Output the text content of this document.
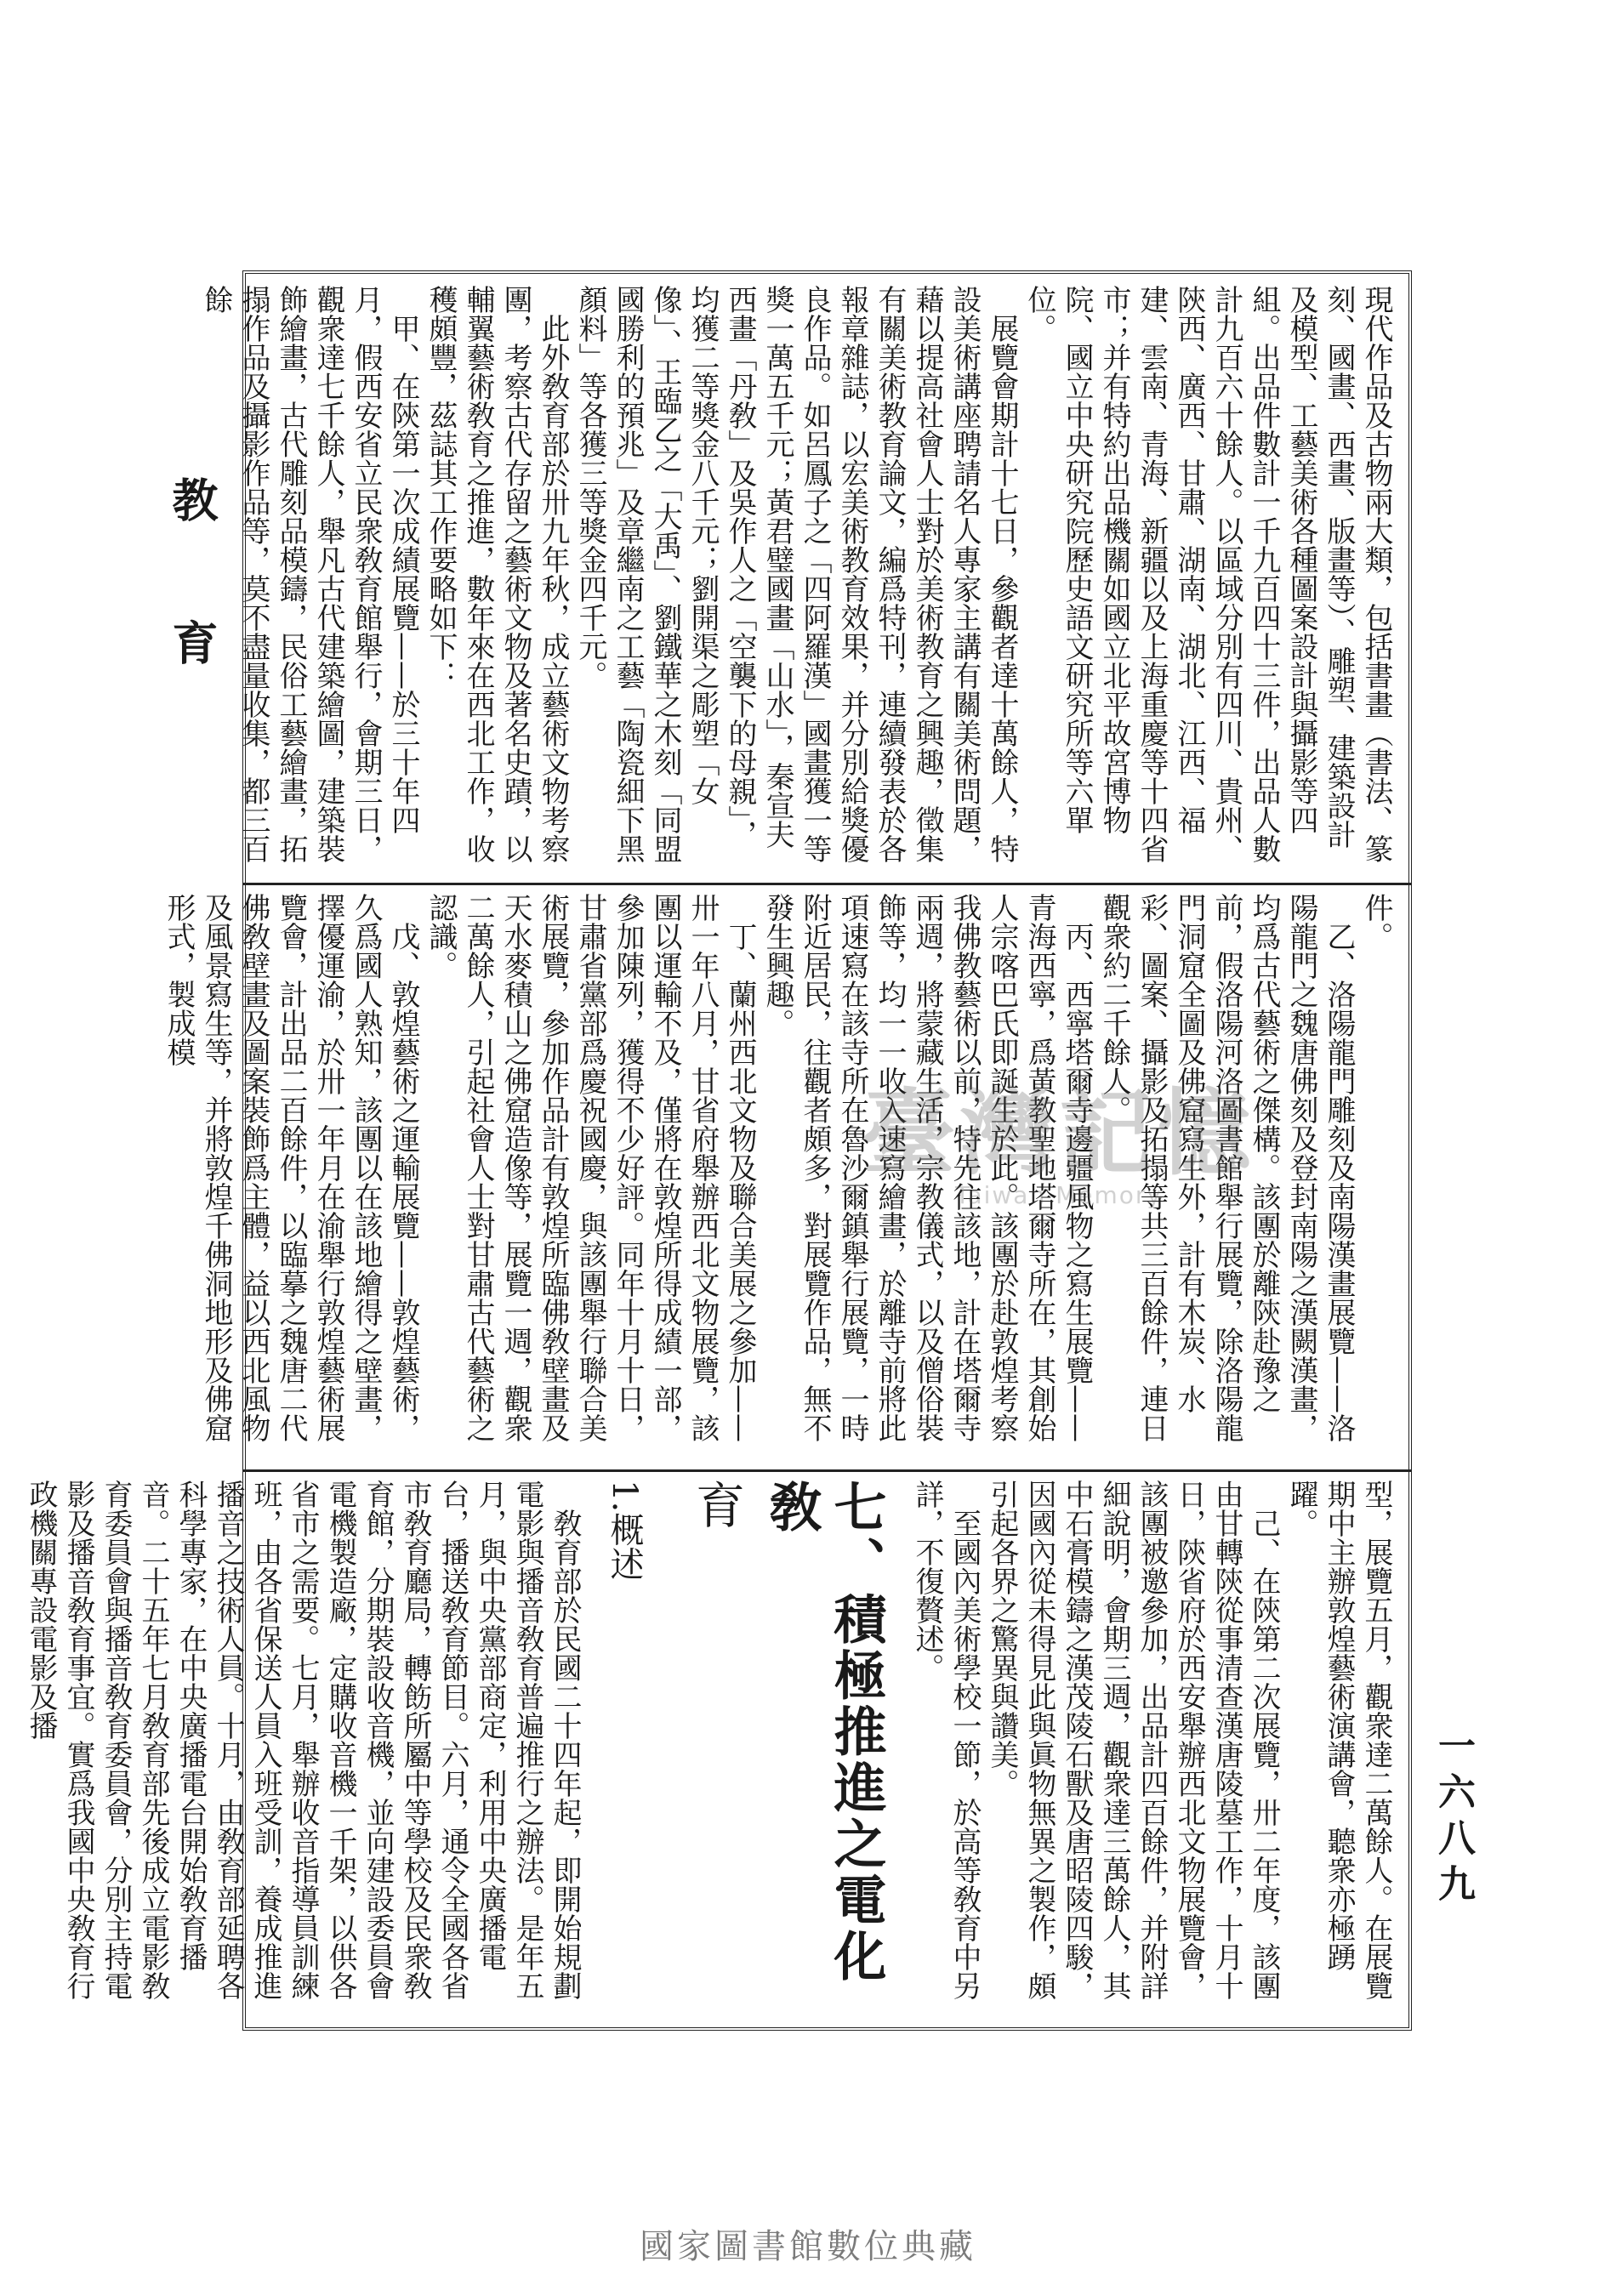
教　育
一六八九

現代作品及古物兩大類，包括書畫（書法、篆刻、國畫、西畫、版畫等）、雕塑、建築設計及模型、工藝美術各種圖案設計與攝影等四組。出品件數計一千九百四十三件，出品人數計九百六十餘人。以區域分別有四川、貴州、陝西、廣西、甘肅、湖南、湖北、江西、福建、雲南、青海、新疆以及上海重慶等十四省市；并有特約出品機關如國立北平故宮博物院、國立中央研究院歷史語文研究所等六單位。

展覽會期計十七日，參觀者達十萬餘人，特設美術講座聘請名人專家主講有關美術問題，藉以提高社會人士對於美術教育之興趣，徵集有關美術教育論文，編爲特刊，連續發表於各報章雜誌，以宏美術教育效果，并分別給獎優良作品。如呂鳳子之「四阿羅漢」國畫獲一等獎一萬五千元；黃君璧國畫「山水」，秦宣夫西畫「丹敎」及吳作人之「空襲下的母親」，均獲二等獎金八千元；劉開渠之彫塑「女像」、王臨乙之「大禹」、劉鐵華之木刻「同盟國勝利的預兆」及章繼南之工藝「陶瓷細下黑顏料」等各獲三等獎金四千元。

此外敎育部於卅九年秋，成立藝術文物考察團，考察古代存留之藝術文物及著名史蹟，以輔翼藝術敎育之推進，數年來在西北工作，收穫頗豐，茲誌其工作要略如下：

甲、在陝第一次成績展覽——於三十年四月，假西安省立民衆敎育館舉行，會期三日，觀衆達七千餘人，舉凡古代建築繪圖，建築裝飾繪畫，古代雕刻品模鑄，民俗工藝繪畫，拓搨作品及攝影作品等，莫不盡量收集，都三百餘

件。

乙、洛陽龍門雕刻及南陽漢畫展覽——洛陽龍門之魏唐佛刻及登封南陽之漢闕漢畫，均爲古代藝術之傑構。該團於離陝赴豫之前，假洛陽河洛圖書館舉行展覽，除洛陽龍門洞窟全圖及佛窟寫生外，計有木炭、水彩、圖案、攝影及拓搨等共三百餘件，連日觀衆約二千餘人。

丙、西寧塔爾寺邊疆風物之寫生展覽——青海西寧，爲黃教聖地塔爾寺所在，其創始人宗喀巴氏即誕生於此。該團於赴敦煌考察我佛教藝術以前，特先往該地，計在塔爾寺兩週，將蒙藏生活，宗教儀式，以及僧俗裝飾等，均一一收入速寫繪畫，於離寺前將此項速寫在該寺所在魯沙爾鎮舉行展覽，一時附近居民，往觀者頗多，對展覽作品，無不發生興趣。

丁、蘭州西北文物及聯合美展之參加——卅一年八月，甘省府舉辦西北文物展覽，該團以運輸不及，僅將在敦煌所得成績一部，參加陳列，獲得不少好評。同年十月十日，甘肅省黨部爲慶祝國慶，與該團舉行聯合美術展覽，參加作品計有敦煌所臨佛敎壁畫及天水麥積山之佛窟造像等，展覽一週，觀衆二萬餘人，引起社會人士對甘肅古代藝術之認識。

戊、敦煌藝術之運輸展覽——敦煌藝術，久爲國人熟知，該團以在該地繪得之壁畫，擇優運渝，於卅一年月在渝舉行敦煌藝術展覽會，計出品二百餘件，以臨摹之魏唐二代佛敎壁畫及圖案裝飾爲主體，益以西北風物及風景寫生等，并將敦煌千佛洞地形及佛窟形式，製成模

型，展覽五月，觀衆達二萬餘人。在展覽期中主辦敦煌藝術演講會，聽衆亦極踴躍。

己、在陝第二次展覽，卅二年度，該團由甘轉陝從事清查漢唐陵墓工作，十月十日，陝省府於西安舉辦西北文物展覽會，該團被邀參加，出品計四百餘件，并附詳細說明，會期三週，觀衆達三萬餘人，其中石膏模鑄之漢茂陵石獸及唐昭陵四駿，因國內從未得見此與眞物無異之製作，頗引起各界之驚異與讚美。

至國內美術學校一節，於高等敎育中另詳，不復贅述。

七、積極推進之電化敎
育
1.概述

敎育部於民國二十四年起，即開始規劃電影與播音敎育普遍推行之辦法。是年五月，與中央黨部商定，利用中央廣播電台，播送敎育節目。六月，通令全國各省市敎育廳局，轉飭所屬中等學校及民衆敎育館，分期裝設收音機，並向建設委員會電機製造廠，定購收音機一千架，以供各省市之需要。七月，舉辦收音指導員訓練班，由各省保送人員入班受訓，養成推進播音之技術人員。十月，由敎育部延聘各科學專家，在中央廣播電台開始敎育播音。二十五年七月敎育部先後成立電影敎育委員會與播音敎育委員會，分別主持電影及播音敎育事宜。實爲我國中央敎育行政機關專設電影及播

臺灣記憶
Taiwan Memory
國家圖書館數位典藏
